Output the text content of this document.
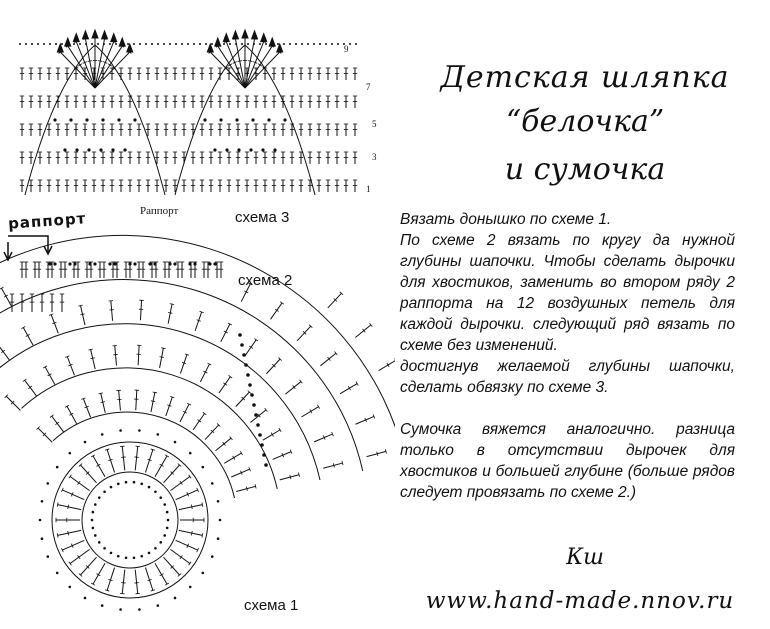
Раппорт
9
7
5
3
1
раппорт	схема 3
схема 2
схема 1
Детская шляпка
“белочка”
и сумочка

Вязать донышко по схеме 1.

По схеме 2 вязать по кругу да нужной глубины шапочки. Чтобы сделать дырочки для хвостиков, заменить во втором ряду 2 раппорта на 12 воздушных петель для каждой дырочки. следующий ряд вязать по схеме без изменений.

достигнув желаемой глубины шапочки, сделать обвязку по схеме 3.

Сумочка вяжется аналогично. разница только в отсутствии дырочек для хвостиков и большей глубине (больше рядов следует провязать по схеме 2.)

Кш
www.hand-made.nnov.ru
